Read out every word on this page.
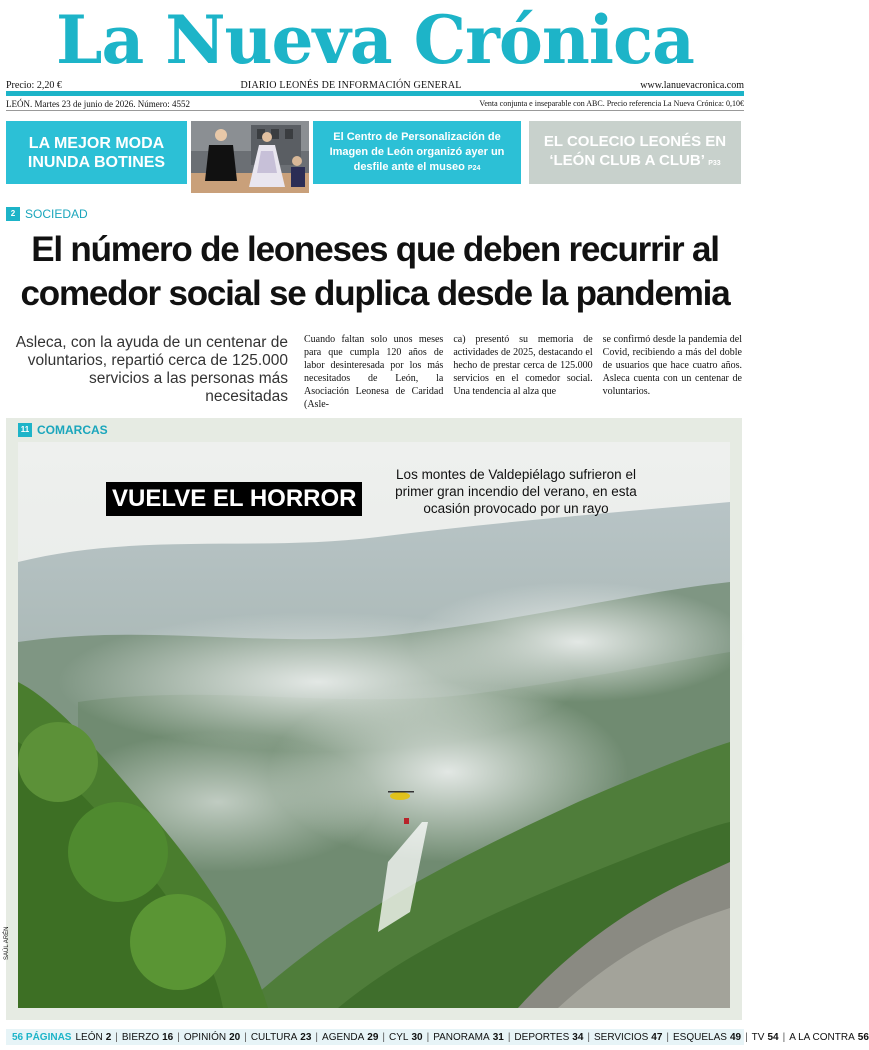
La Nueva Crónica
Precio: 2,20 €	DIARIO LEONÉS DE INFORMACIÓN GENERAL	www.lanuevacronica.com
LEÓN. Martes 23 de junio de 2026. Número: 4552	Venta conjunta e inseparable con ABC. Precio referencia La Nueva Crónica: 0,10€
LA MEJOR MODA INUNDA BOTINES
El Centro de Personalización de Imagen de León organizó ayer un desfile ante el museo P24
EL COLECIO LEONÉS EN ‘LEÓN CLUB A CLUB’ P33
2 SOCIEDAD
El número de leoneses que deben recurrir al comedor social se duplica desde la pandemia

Asleca, con la ayuda de un centenar de voluntarios, repartió cerca de 125.000 servicios a las personas más necesitadas

Cuando faltan solo unos meses para que cumpla 120 años de labor desinteresada por los más necesitados de León, la Asociación Leonesa de Caridad (Asle-

ca) presentó su memoria de actividades de 2025, destacando el hecho de prestar cerca de 125.000 servicios en el comedor social. Una tendencia al alza que

se confirmó desde la pandemia del Covid, recibiendo a más del doble de usuarios que hace cuatro años. Asleca cuenta con un centenar de voluntarios.

11 COMARCAS
VUELVE EL HORROR

Los montes de Valdepiélago sufrieron el primer gran incendio del verano, en esta ocasión provocado por un rayo

SAÚL ARÉN
56 PÁGINAS LEÓN 2 | BIERZO 16 | OPINIÓN 20 | CULTURA 23 | AGENDA 29 | CYL 30 | PANORAMA 31 | DEPORTES 34 | SERVICIOS 47 | ESQUELAS 49 | TV 54 | A LA CONTRA 56
